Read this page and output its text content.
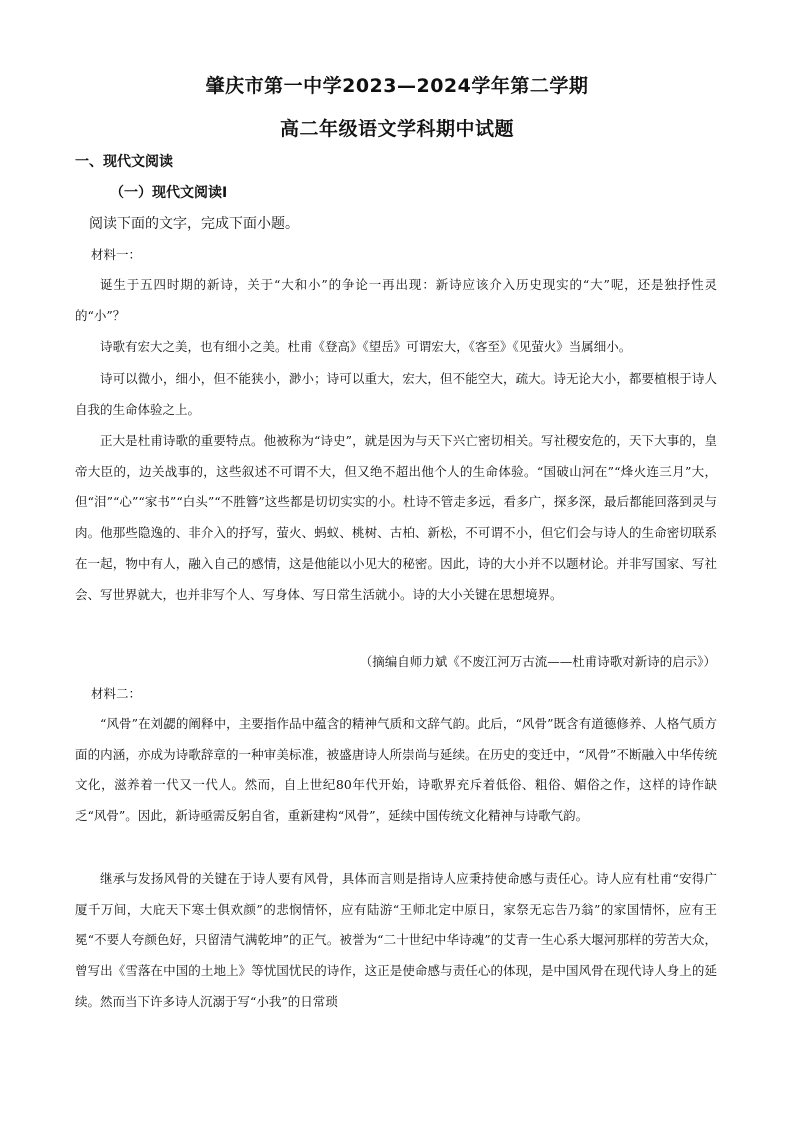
肇庆市第一中学2023—2024学年第二学期
高二年级语文学科期中试题
一、现代文阅读
（一）现代文阅读Ⅰ
阅读下面的文字，完成下面小题。
材料一：

诞生于五四时期的新诗，关于“大和小”的争论一再出现：新诗应该介入历史现实的“大”呢，还是独抒性灵的“小”？

诗歌有宏大之美，也有细小之美。杜甫《登高》《望岳》可谓宏大，《客至》《见萤火》当属细小。

诗可以微小，细小，但不能狭小，渺小；诗可以重大，宏大，但不能空大，疏大。诗无论大小，都要植根于诗人自我的生命体验之上。

正大是杜甫诗歌的重要特点。他被称为“诗史”，就是因为与天下兴亡密切相关。写社稷安危的，天下大事的，皇帝大臣的，边关战事的，这些叙述不可谓不大，但又绝不超出他个人的生命体验。“国破山河在”“烽火连三月”大，但“泪”“心”“家书”“白头”“不胜簪”这些都是切切实实的小。杜诗不管走多远，看多广，探多深，最后都能回落到灵与肉。他那些隐逸的、非介入的抒写，萤火、蚂蚁、桃树、古柏、新松，不可谓不小，但它们会与诗人的生命密切联系在一起，物中有人，融入自己的感情，这是他能以小见大的秘密。因此，诗的大小并不以题材论。并非写国家、写社会、写世界就大，也并非写个人、写身体、写日常生活就小。诗的大小关键在思想境界。

（摘编自师力斌《不废江河万古流——杜甫诗歌对新诗的启示》）
材料二：

“风骨”在刘勰的阐释中，主要指作品中蕴含的精神气质和文辞气韵。此后，“风骨”既含有道德修养、人格气质方面的内涵，亦成为诗歌辞章的一种审美标准，被盛唐诗人所崇尚与延续。在历史的变迁中，“风骨”不断融入中华传统文化，滋养着一代又一代人。然而，自上世纪80年代开始，诗歌界充斥着低俗、粗俗、媚俗之作，这样的诗作缺乏“风骨”。因此，新诗亟需反躬自省，重新建构“风骨”，延续中国传统文化精神与诗歌气韵。

继承与发扬风骨的关键在于诗人要有风骨，具体而言则是指诗人应秉持使命感与责任心。诗人应有杜甫“安得广厦千万间，大庇天下寒士俱欢颜”的悲悯情怀，应有陆游“王师北定中原日，家祭无忘告乃翁”的家国情怀，应有王冕“不要人夸颜色好，只留清气满乾坤”的正气。被誉为“二十世纪中华诗魂”的艾青一生心系大堰河那样的劳苦大众，曾写出《雪落在中国的土地上》等忧国忧民的诗作，这正是使命感与责任心的体现，是中国风骨在现代诗人身上的延续。然而当下许多诗人沉溺于写“小我”的日常琐
